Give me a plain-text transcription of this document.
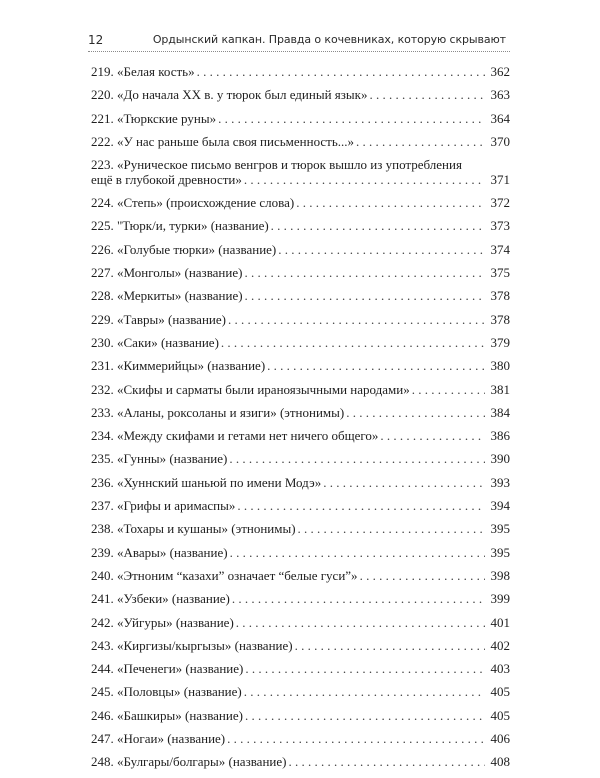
12	Ордынский капкан. Правда о кочевниках, которую скрывают
219. «Белая кость» . . .	362
220. «До начала XX в. у тюрок был единый язык» . . .	363
221. «Тюркские руны» . . .	364
222. «У нас раньше была своя письменность...» . . .	370
223. «Руническое письмо венгров и тюрок вышло из употребления
ещё в глубокой древности» . . .	371
224. «Степь» (происхождение слова) . . .	372
225. "Тюрк/и, турки» (название) . . .	373
226. «Голубые тюрки» (название) . . .	374
227. «Монголы» (название) . . .	375
228. «Меркиты» (название) . . .	378
229. «Тавры» (название) . . .	378
230. «Саки» (название) . . .	379
231. «Киммерийцы» (название) . . .	380
232. «Скифы и сарматы были ираноязычными народами» . . .	381
233. «Аланы, роксоланы и язиги» (этнонимы) . . .	384
234. «Между скифами и гетами нет ничего общего» . . .	386
235. «Гунны» (название) . . .	390
236. «Хуннский шаньюй по имени Модэ» . . .	393
237. «Грифы и аримаспы» . . .	394
238. «Тохары и кушаны» (этнонимы) . . .	395
239. «Авары» (название) . . .	395
240. «Этноним “казахи” означает “белые гуси”» . . .	398
241. «Узбеки» (название) . . .	399
242. «Уйгуры» (название) . . .	401
243. «Киргизы/кыргызы» (название) . . .	402
244. «Печенеги» (название) . . .	403
245. «Половцы» (название) . . .	405
246. «Башкиры» (название) . . .	405
247. «Ногаи» (название) . . .	406
248. «Булгары/болгары» (название) . . .	408
